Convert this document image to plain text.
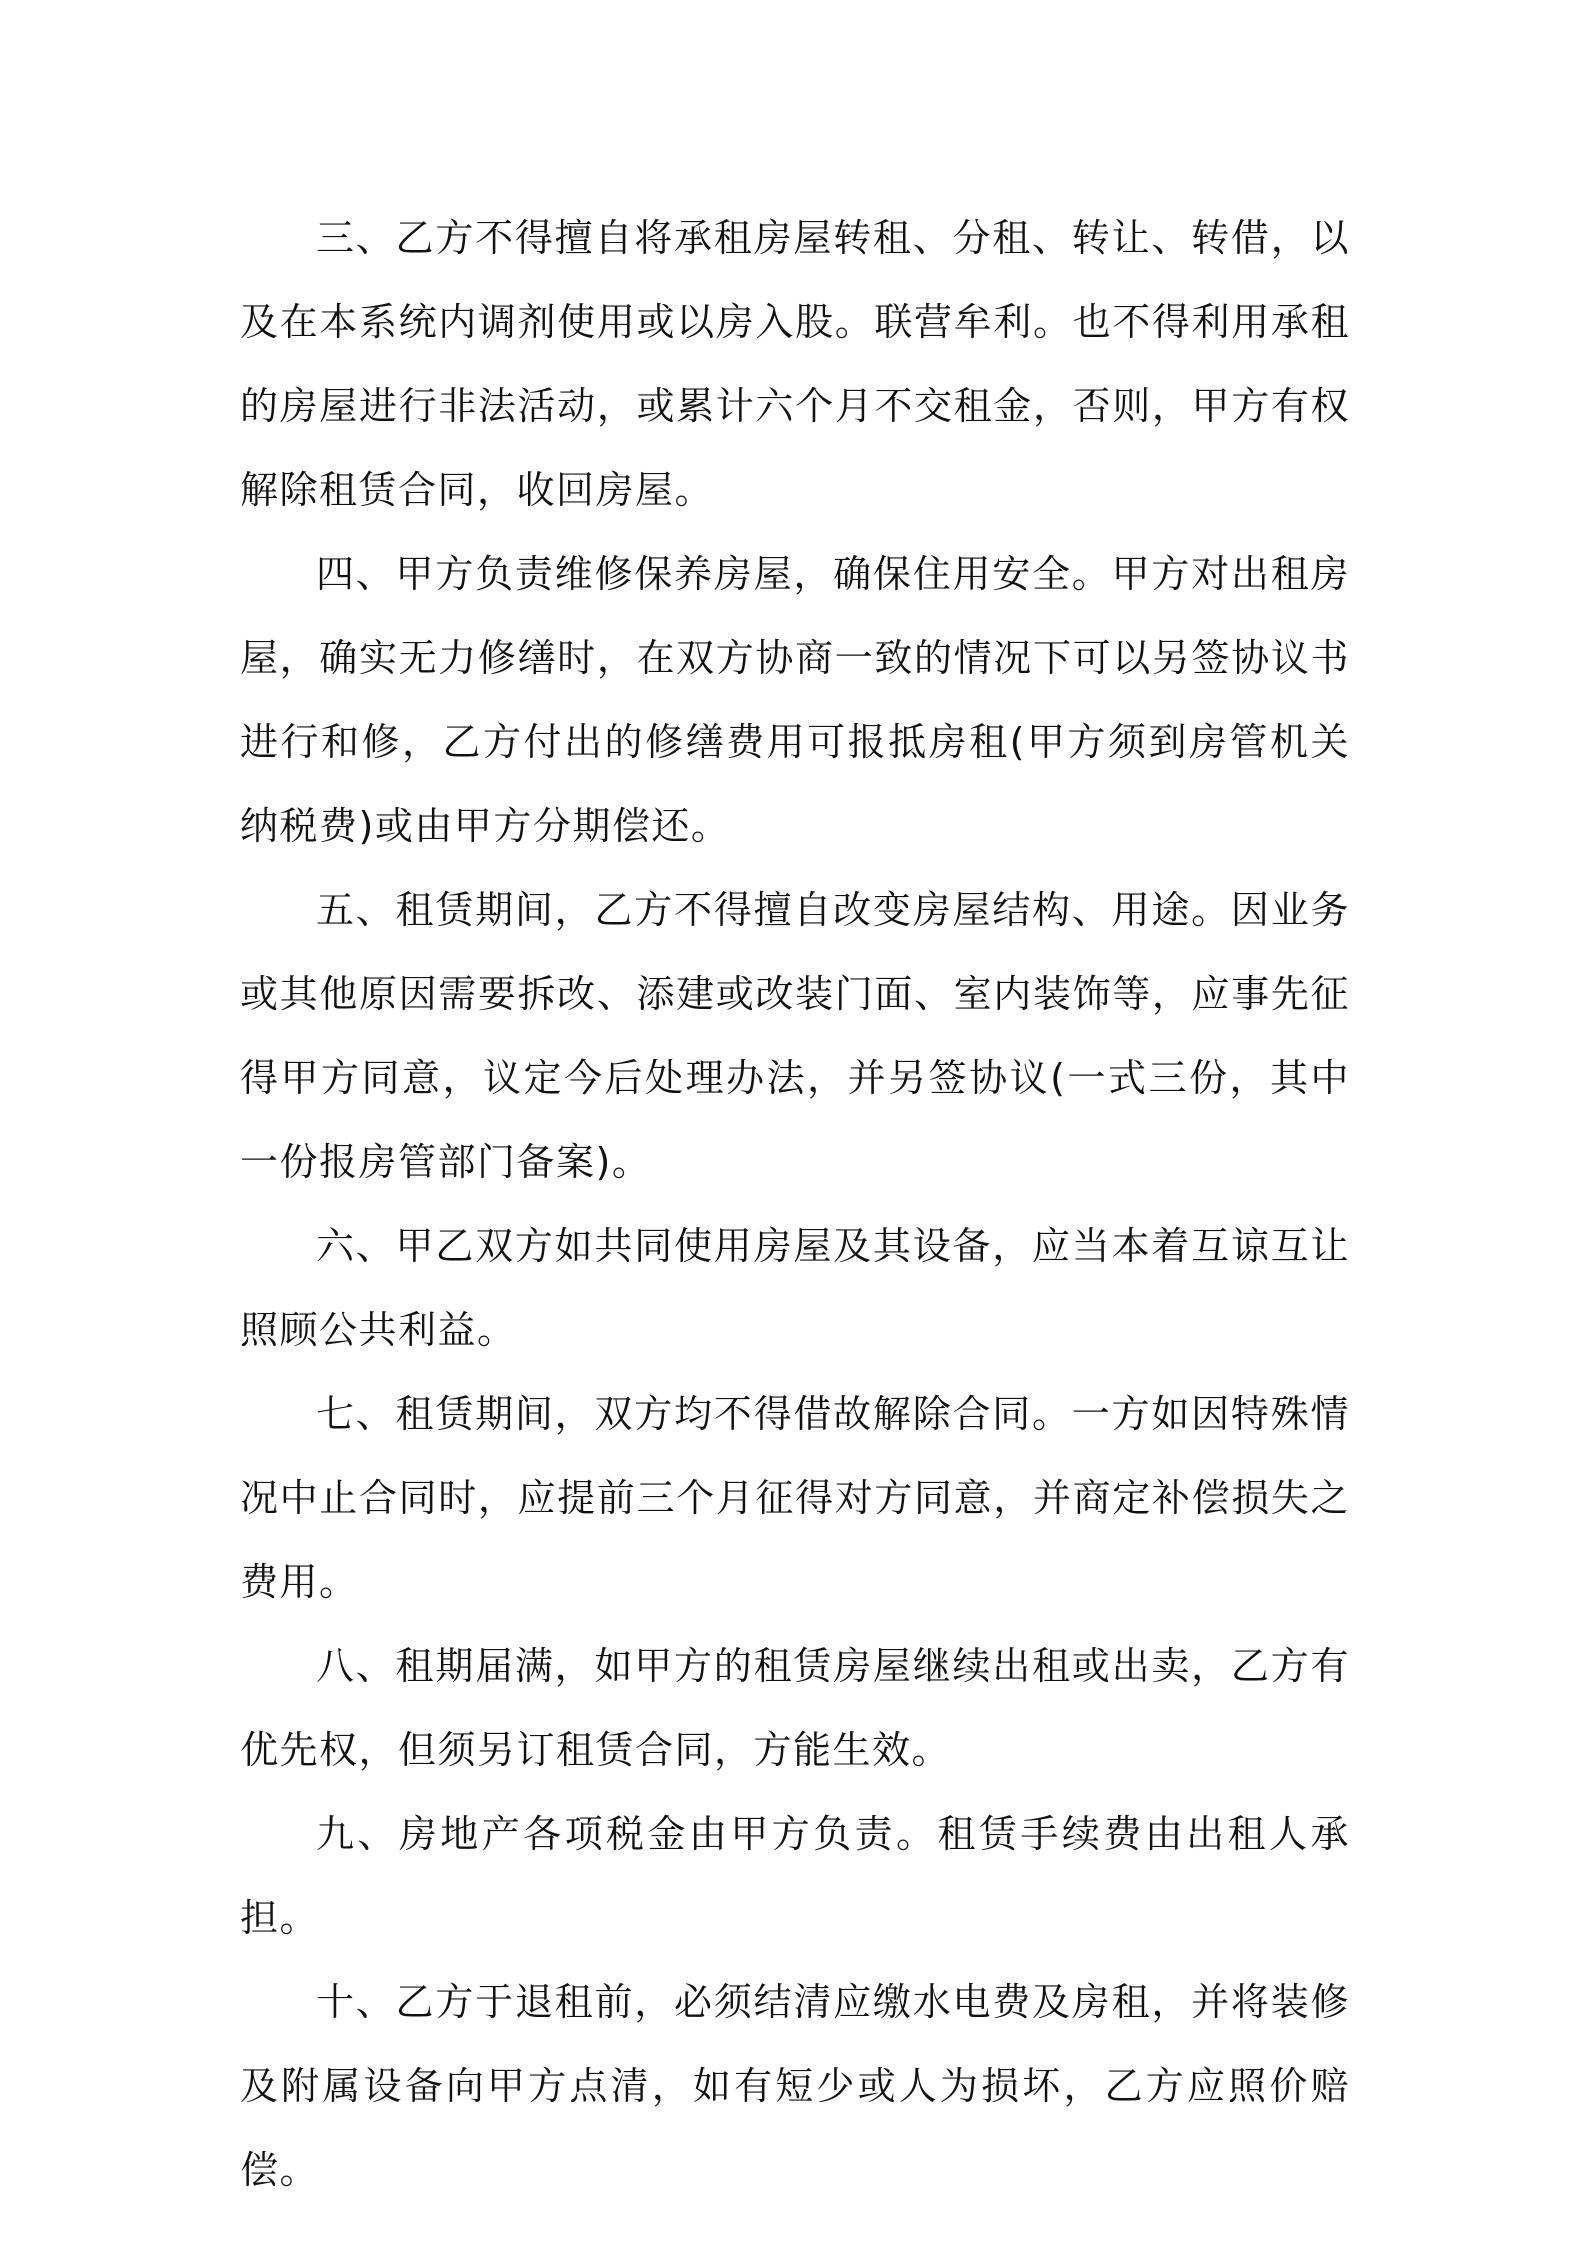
三、乙方不得擅自将承租房屋转租、分租、转让、转借，以及在本系统内调剂使用或以房入股。联营牟利。也不得利用承租的房屋进行非法活动，或累计六个月不交租金，否则，甲方有权解除租赁合同，收回房屋。

四、甲方负责维修保养房屋，确保住用安全。甲方对出租房屋，确实无力修缮时，在双方协商一致的情况下可以另签协议书进行和修，乙方付出的修缮费用可报抵房租(甲方须到房管机关纳税费)或由甲方分期偿还。

五、租赁期间，乙方不得擅自改变房屋结构、用途。因业务或其他原因需要拆改、添建或改装门面、室内装饰等，应事先征得甲方同意，议定今后处理办法，并另签协议(一式三份，其中一份报房管部门备案)。

六、甲乙双方如共同使用房屋及其设备，应当本着互谅互让照顾公共利益。

七、租赁期间，双方均不得借故解除合同。一方如因特殊情况中止合同时，应提前三个月征得对方同意，并商定补偿损失之费用。

八、租期届满，如甲方的租赁房屋继续出租或出卖，乙方有优先权，但须另订租赁合同，方能生效。

九、房地产各项税金由甲方负责。租赁手续费由出租人承担。

十、乙方于退租前，必须结清应缴水电费及房租，并将装修及附属设备向甲方点清，如有短少或人为损坏，乙方应照价赔偿。
